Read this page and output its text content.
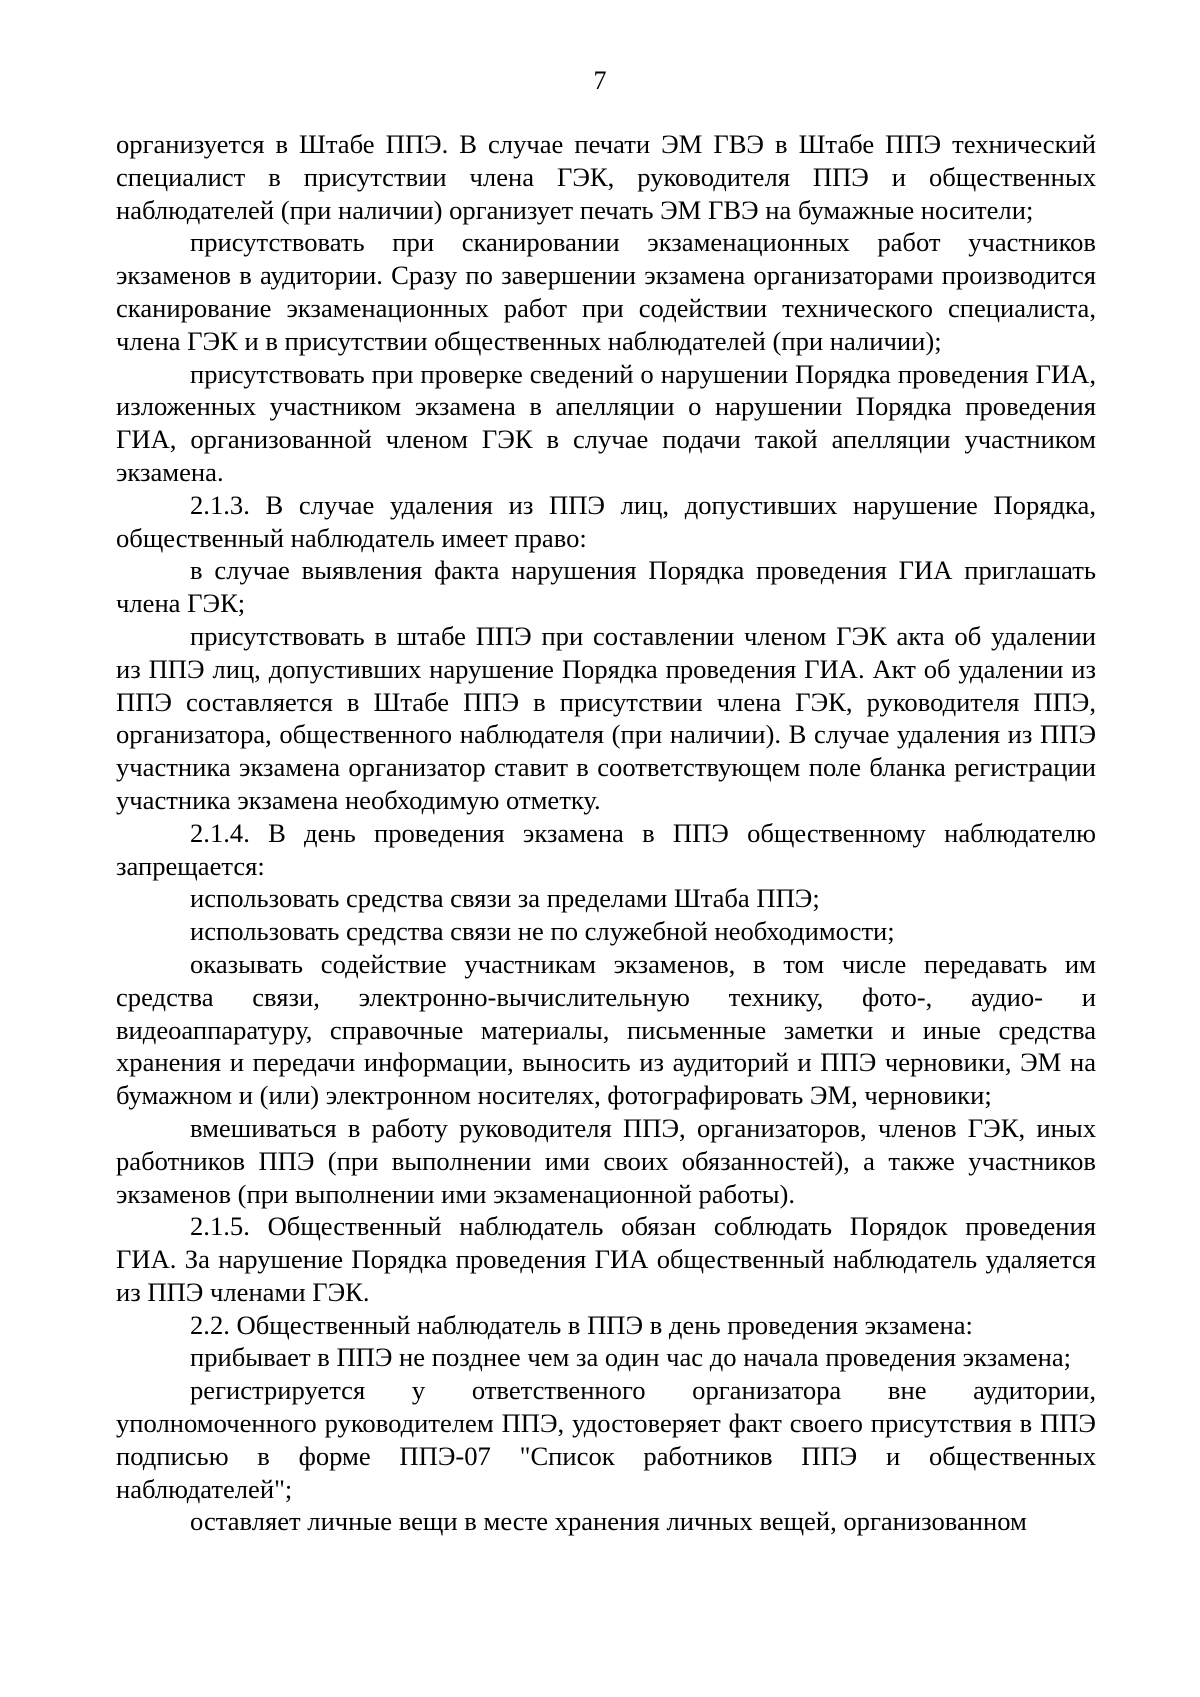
7

организуется в Штабе ППЭ. В случае печати ЭМ ГВЭ в Штабе ППЭ технический специалист в присутствии члена ГЭК, руководителя ППЭ и общественных наблюдателей (при наличии) организует печать ЭМ ГВЭ на бумажные носители;

присутствовать при сканировании экзаменационных работ участников экзаменов в аудитории. Сразу по завершении экзамена организаторами производится сканирование экзаменационных работ при содействии технического специалиста, члена ГЭК и в присутствии общественных наблюдателей (при наличии);

присутствовать при проверке сведений о нарушении Порядка проведения ГИА, изложенных участником экзамена в апелляции о нарушении Порядка проведения ГИА, организованной членом ГЭК в случае подачи такой апелляции участником экзамена.

2.1.3. В случае удаления из ППЭ лиц, допустивших нарушение Порядка, общественный наблюдатель имеет право:

в случае выявления факта нарушения Порядка проведения ГИА приглашать члена ГЭК;

присутствовать в штабе ППЭ при составлении членом ГЭК акта об удалении из ППЭ лиц, допустивших нарушение Порядка проведения ГИА. Акт об удалении из ППЭ составляется в Штабе ППЭ в присутствии члена ГЭК, руководителя ППЭ, организатора, общественного наблюдателя (при наличии). В случае удаления из ППЭ участника экзамена организатор ставит в соответствующем поле бланка регистрации участника экзамена необходимую отметку.

2.1.4. В день проведения экзамена в ППЭ общественному наблюдателю запрещается:

использовать средства связи за пределами Штаба ППЭ;

использовать средства связи не по служебной необходимости;

оказывать содействие участникам экзаменов, в том числе передавать им средства связи, электронно-вычислительную технику, фото-, аудио- и видеоаппаратуру, справочные материалы, письменные заметки и иные средства хранения и передачи информации, выносить из аудиторий и ППЭ черновики, ЭМ на бумажном и (или) электронном носителях, фотографировать ЭМ, черновики;

вмешиваться в работу руководителя ППЭ, организаторов, членов ГЭК, иных работников ППЭ (при выполнении ими своих обязанностей), а также участников экзаменов (при выполнении ими экзаменационной работы).

2.1.5. Общественный наблюдатель обязан соблюдать Порядок проведения ГИА. За нарушение Порядка проведения ГИА общественный наблюдатель удаляется из ППЭ членами ГЭК.

2.2. Общественный наблюдатель в ППЭ в день проведения экзамена:

прибывает в ППЭ не позднее чем за один час до начала проведения экзамена;

регистрируется у ответственного организатора вне аудитории, уполномоченного руководителем ППЭ, удостоверяет факт своего присутствия в ППЭ подписью в форме ППЭ-07 "Список работников ППЭ и общественных наблюдателей";

оставляет личные вещи в месте хранения личных вещей, организованном
